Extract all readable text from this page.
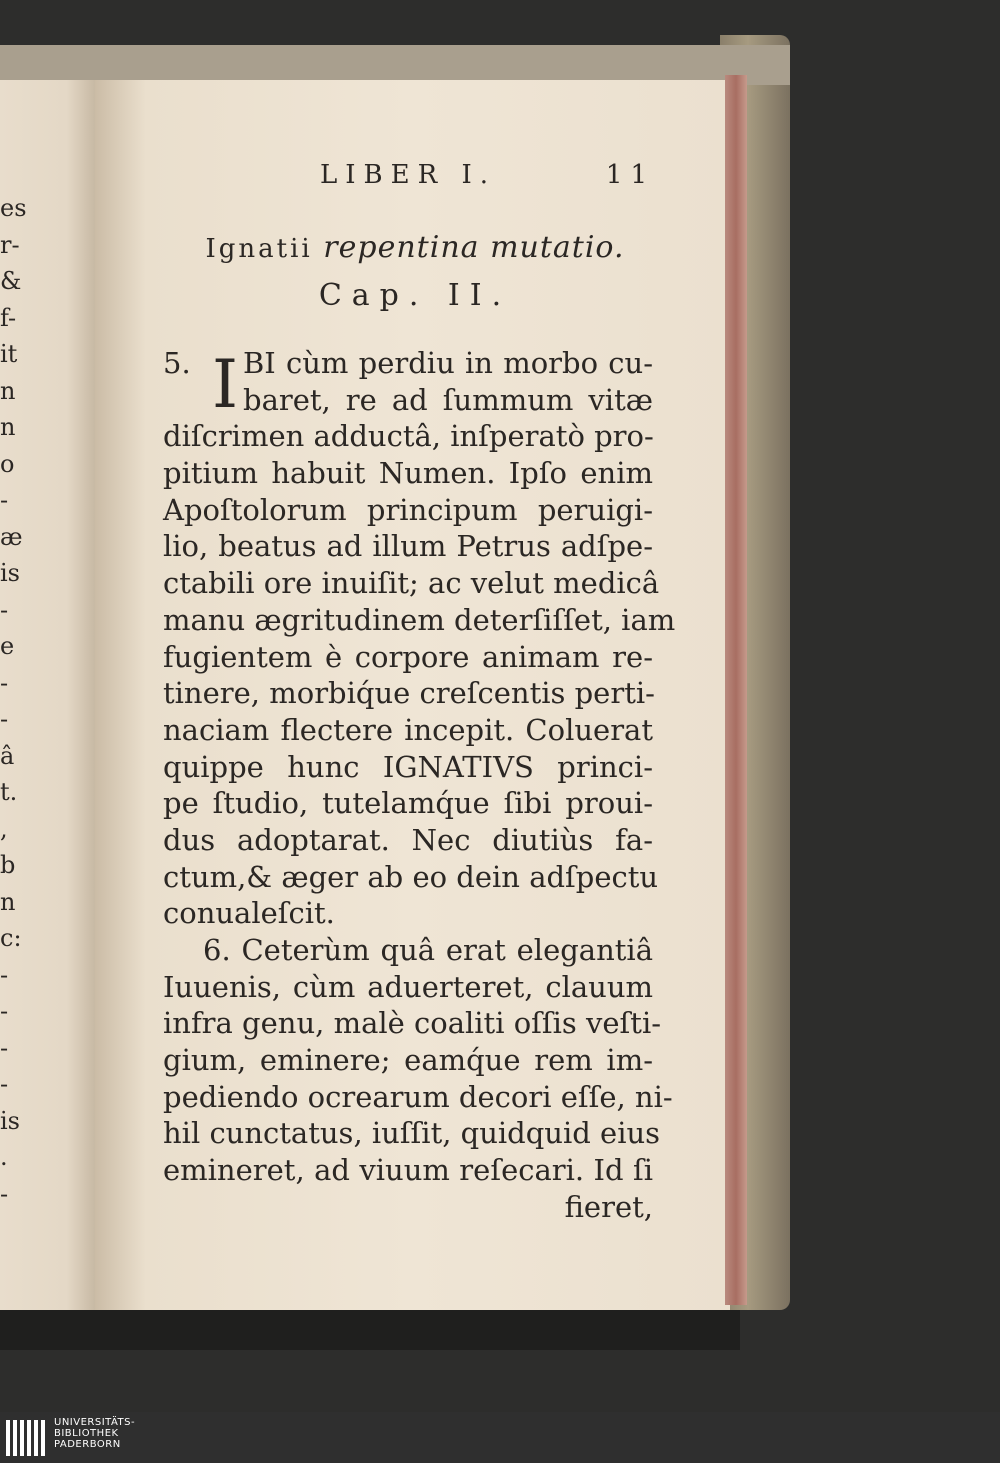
es
r-
&
f-
it
n
n
o
-
æ
is
-
e
-
-
â
t.
,
b
n
c:
-
-
-
-
is
.
-
LIBER I.	11
Ignatii repentina mutatio.
Cap. II.
5. BI cùm perdiu in morbo cu-
baret, re ad ſummum vitæ
diſcrimen adductâ, inſperatò pro-
pitium habuit Numen. Ipſo enim
Apoſtolorum principum peruigi-
lio, beatus ad illum Petrus adſpe-
ctabili ore inuiſit; ac velut medicâ
manu ægritudinem deterſiſſet, iam
fugientem è corpore animam re-
tinere, morbiq́ue creſcentis perti-
naciam flectere incepit. Coluerat
quippe hunc IGNATIVS princi-
pe ſtudio, tutelamq́ue ſibi proui-
dus adoptarat. Nec diutiùs fa-
ctum,& æger ab eo dein adſpectu
conualeſcit.
6. Ceterùm quâ erat elegantiâ
Iuuenis, cùm aduerteret, clauum
infra genu, malè coaliti oſſis veſti-
gium, eminere; eamq́ue rem im-
pediendo ocrearum decori eſſe, ni-
hil cunctatus, iuſſit, quidquid eius
emineret, ad viuum reſecari. Id ſi
fieret,
I
UNIVERSITÄTS-
BIBLIOTHEK
PADERBORN
